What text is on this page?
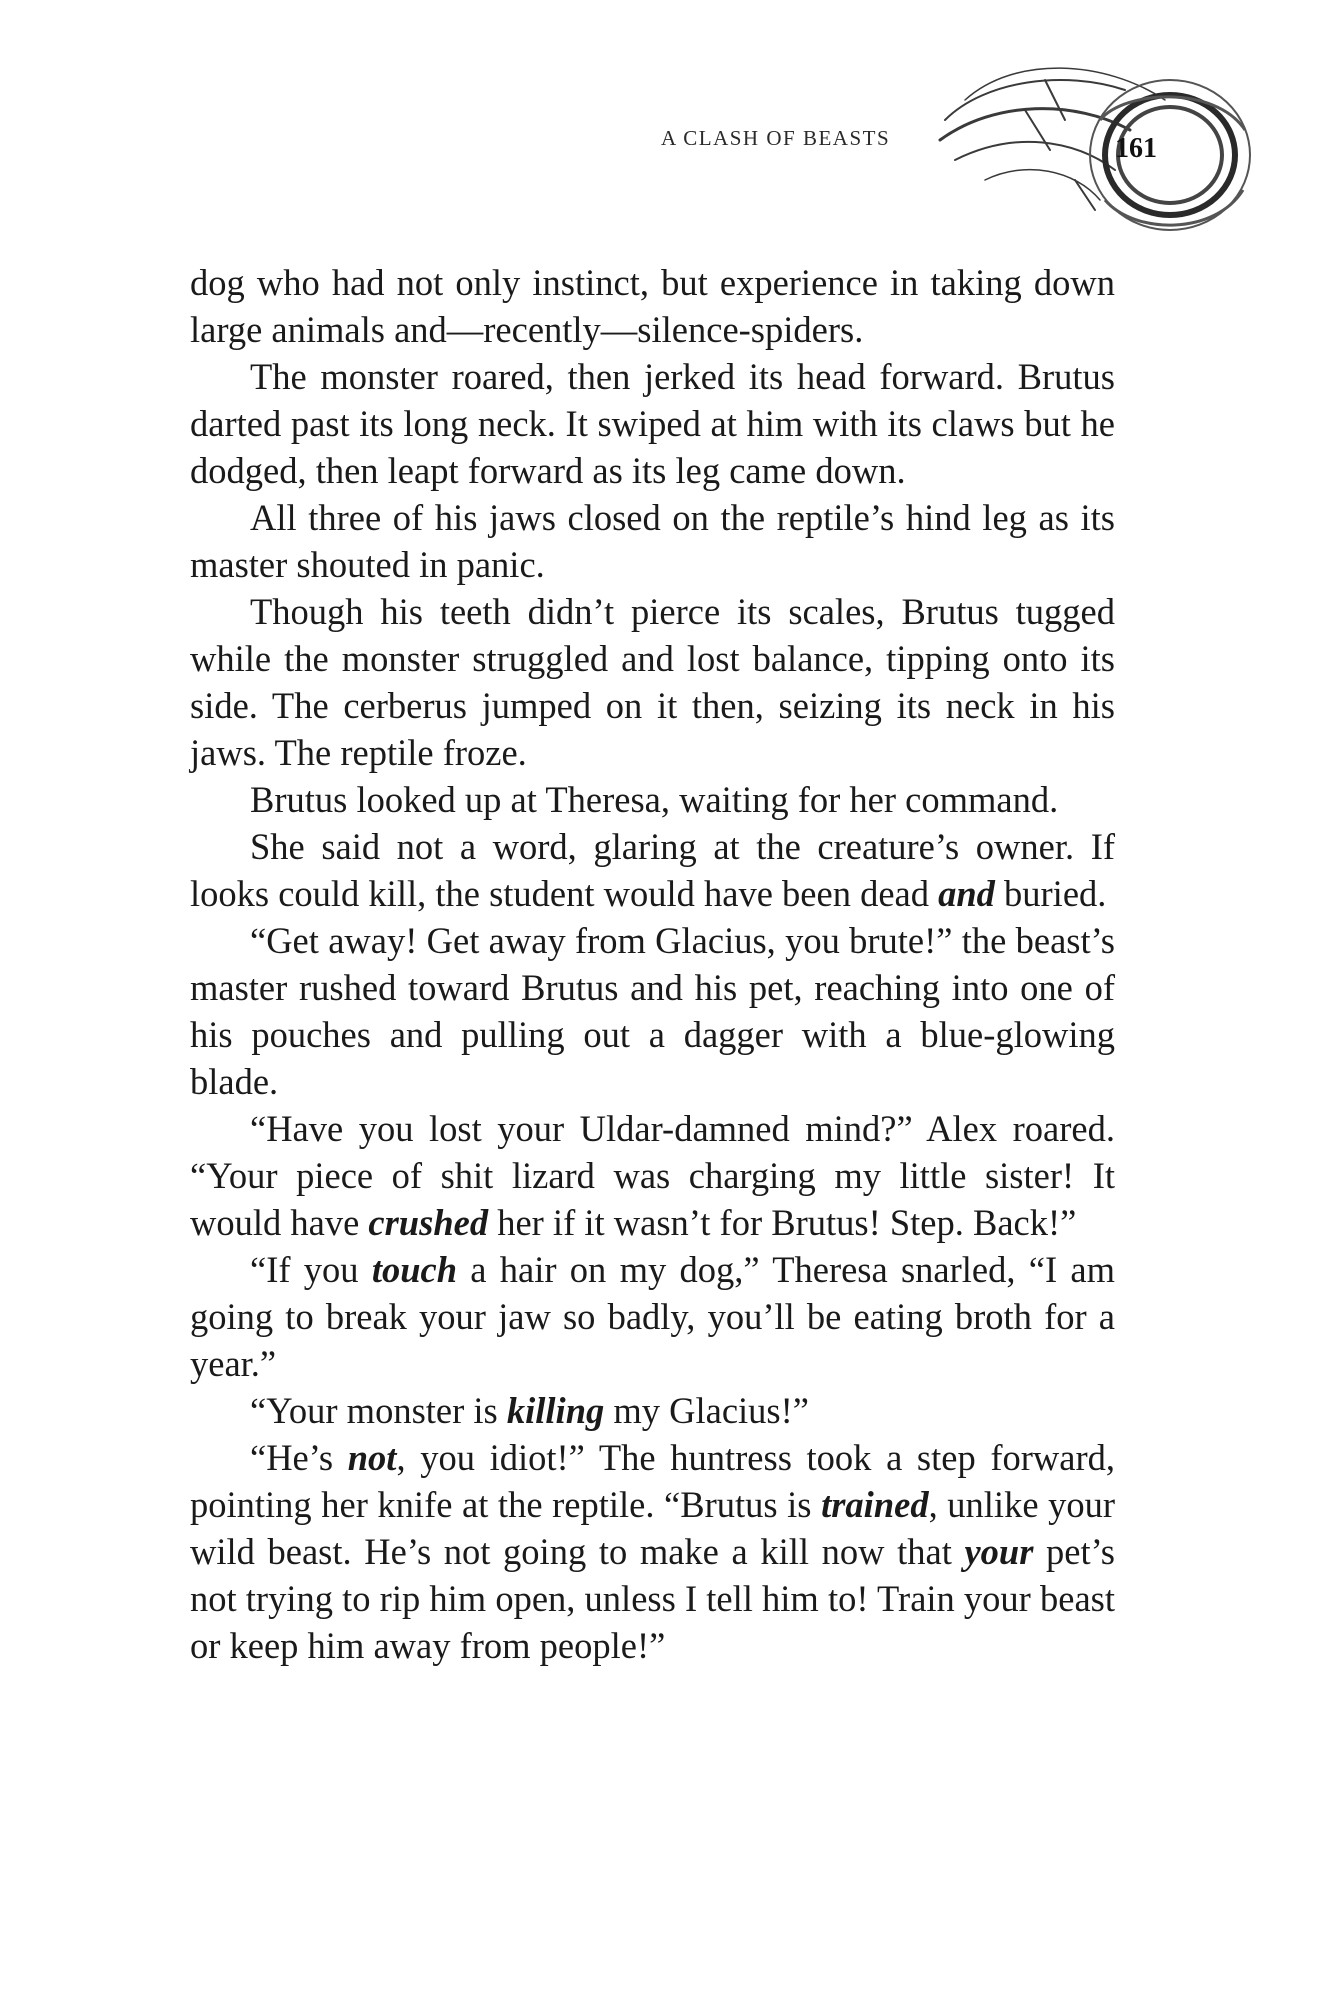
A CLASH OF BEASTS	161

dog who had not only instinct, but experience in taking down large animals and—recently—silence-spiders.

The monster roared, then jerked its head forward. Brutus darted past its long neck. It swiped at him with its claws but he dodged, then leapt forward as its leg came down.

All three of his jaws closed on the reptile’s hind leg as its master shouted in panic.

Though his teeth didn’t pierce its scales, Brutus tugged while the monster struggled and lost balance, tipping onto its side. The cerberus jumped on it then, seizing its neck in his jaws. The reptile froze.

Brutus looked up at Theresa, waiting for her command.

She said not a word, glaring at the creature’s owner. If looks could kill, the student would have been dead and buried.

“Get away! Get away from Glacius, you brute!” the beast’s master rushed toward Brutus and his pet, reaching into one of his pouches and pulling out a dagger with a blue-glowing blade.

“Have you lost your Uldar-damned mind?” Alex roared. “Your piece of shit lizard was charging my little sister! It would have crushed her if it wasn’t for Brutus! Step. Back!”

“If you touch a hair on my dog,” Theresa snarled, “I am going to break your jaw so badly, you’ll be eating broth for a year.”

“Your monster is killing my Glacius!”

“He’s not, you idiot!” The huntress took a step forward, pointing her knife at the reptile. “Brutus is trained, unlike your wild beast. He’s not going to make a kill now that your pet’s not trying to rip him open, unless I tell him to! Train your beast or keep him away from people!”
